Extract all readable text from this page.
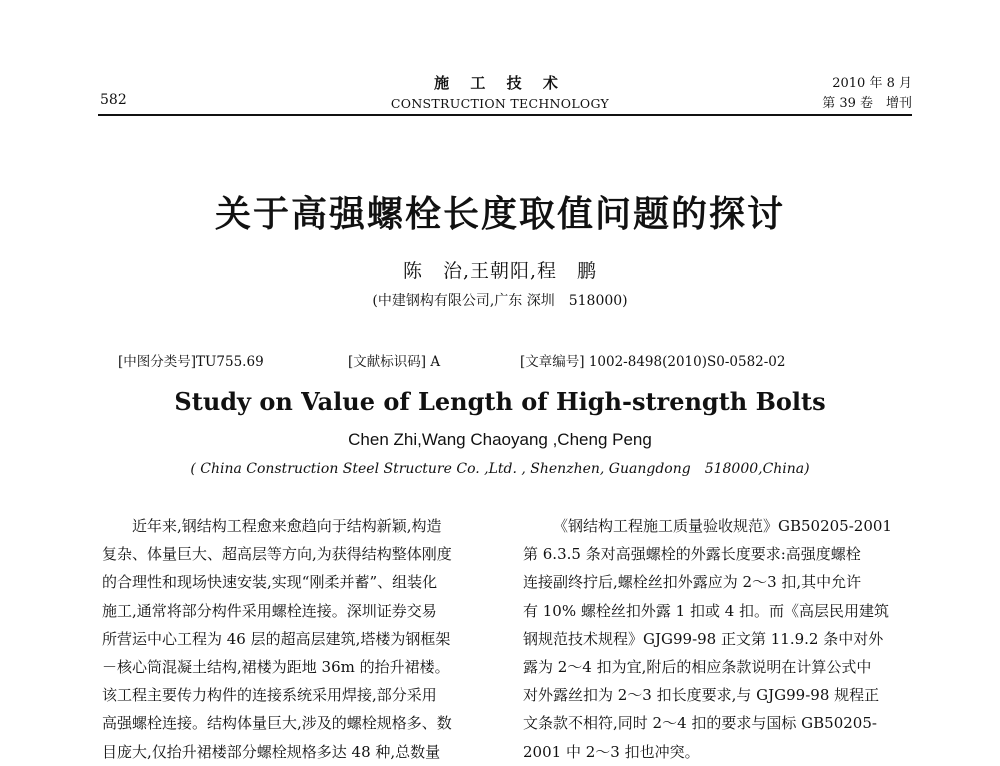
582
施 工 技 术
CONSTRUCTION TECHNOLOGY
2010 年 8 月
第 39 卷　增刊
关于高强螺栓长度取值问题的探讨
陈　治,王朝阳,程　鹏
(中建钢构有限公司,广东 深圳　518000)
[中图分类号]TU755.69	[文献标识码] A	[文章编号] 1002-8498(2010)S0-0582-02
Study on Value of Length of High-strength Bolts
Chen Zhi,Wang Chaoyang ,Cheng Peng
( China Construction Steel Structure Co. ,Ltd. , Shenzhen, Guangdong　518000,China)
近年来,钢结构工程愈来愈趋向于结构新颖,构造
复杂、体量巨大、超高层等方向,为获得结构整体刚度
的合理性和现场快速安装,实现“刚柔并蓄”、组装化
施工,通常将部分构件采用螺栓连接。深圳证券交易
所营运中心工程为 46 层的超高层建筑,塔楼为钢框架
－核心筒混凝土结构,裙楼为距地 36m 的抬升裙楼。
该工程主要传力构件的连接系统采用焊接,部分采用
高强螺栓连接。结构体量巨大,涉及的螺栓规格多、数
目庞大,仅抬升裙楼部分螺栓规格多达 48 种,总数量
《钢结构工程施工质量验收规范》GB50205-2001
第 6.3.5 条对高强螺栓的外露长度要求:高强度螺栓
连接副终拧后,螺栓丝扣外露应为 2～3 扣,其中允许
有 10% 螺栓丝扣外露 1 扣或 4 扣。而《高层民用建筑
钢规范技术规程》GJG99-98 正文第 11.9.2 条中对外
露为 2～4 扣为宜,附后的相应条款说明在计算公式中
对外露丝扣为 2～3 扣长度要求,与 GJG99-98 规程正
文条款不相符,同时 2～4 扣的要求与国标 GB50205-
2001 中 2～3 扣也冲突。
